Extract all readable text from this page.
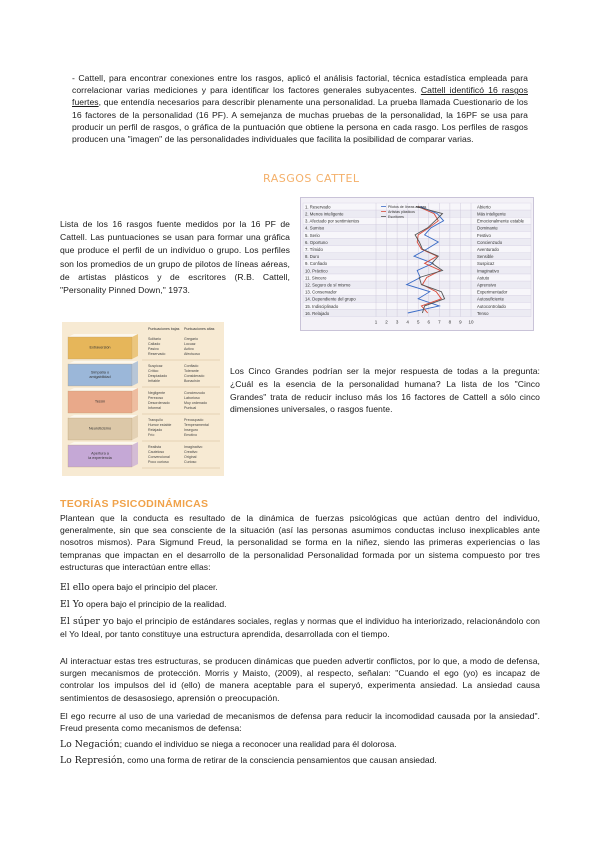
- Cattell, para encontrar conexiones entre los rasgos, aplicó el análisis factorial, técnica estadística empleada para correlacionar varias mediciones y para identificar los factores generales subyacentes. Cattell identificó 16 rasgos fuertes, que entendía necesarios para describir plenamente una personalidad. La prueba llamada Cuestionario de los 16 factores de la personalidad (16 PF). A semejanza de muchas pruebas de la personalidad, la 16PF se usa para producir un perfil de rasgos, o gráfica de la puntuación que obtiene la persona en cada rasgo. Los perfiles de rasgos producen una "imagen" de las personalidades individuales que facilita la posibilidad de comparar varias.
RASGOS CATTEL
Lista de los 16 rasgos fuente medidos por la 16 PF de Cattell. Las puntuaciones se usan para formar una gráfica que produce el perfil de un individuo o grupo. Los perfiles son los promedios de un grupo de pilotos de líneas aéreas, de artistas plásticos y de escritores (R.B. Cattell, "Personality Pinned Down," 1973.
1. Reservado
2. Menos inteligente
3. Afectado por sentimientos
4. Sumiso
5. Serio
6. Oportuno
7. Tímido
8. Duro
9. Confiado
10. Práctico
11. Sincero
12. Seguro de sí mismo
13. Conservador
14. Dependiente del grupo
15. Indisciplinado
16. Relajado
Abierto
Más inteligente
Emocionalmente estable
Dominante
Festivo
Concienzudo
Aventurado
Sensible
Suspicaz
Imaginativo
Astuto
Aprensivo
Experimentador
Autosuficiente
Autocontrolado
Tenso
1 2 3 4 5 6 7 8 9 10
Pilotos de líneas aéreas
Artistas plásticos
Escritores
Puntuaciones bajas Puntuaciones altas
Extraversión
Solitario
Callado
Pasivo
Reservado
Gregario
Locuaz
Activo
Afectuoso
Simpatía o
amigabilidad
Suspicaz
Crítico
Despiadado
Irritable
Confiado
Tolerante
Considerado
Bonachón
Tesón
Negligente
Perezoso
Desordenado
Informal
Concienzudo
Laborioso
Muy ordenado
Puntual
Neuroticismo
Tranquilo
Humor estable
Relajado
Frío
Preocupado
Temperamental
Inseguro
Emotivo
Apertura a
la experiencia
Realista
Cauteloso
Convencional
Poco curioso
Imaginativo
Creativo
Original
Curioso
Los Cinco Grandes podrían ser la mejor respuesta de todas a la pregunta: ¿Cuál es la esencia de la personalidad humana? La lista de los "Cinco Grandes" trata de reducir incluso más los 16 factores de Cattell a sólo cinco dimensiones universales, o rasgos fuente.
TEORÍAS PSICODINÁMICAS
Plantean que la conducta es resultado de la dinámica de fuerzas psicológicas que actúan dentro del individuo, generalmente, sin que sea consciente de la situación (así las personas asumimos conductas incluso inexplicables ante nosotros mismos). Para Sigmund Freud, la personalidad se forma en la niñez, siendo las primeras experiencias o las tempranas que impactan en el desarrollo de la personalidad Personalidad formada por un sistema compuesto por tres estructuras que interactúan entre ellas:
El ello opera bajo el principio del placer.
El Yo opera bajo el principio de la realidad.
El súper yo bajo el principio de estándares sociales, reglas y normas que el individuo ha interiorizado, relacionándolo con el Yo Ideal, por tanto constituye una estructura aprendida, desarrollada con el tiempo.
Al interactuar estas tres estructuras, se producen dinámicas que pueden advertir conflictos, por lo que, a modo de defensa, surgen mecanismos de protección. Morris y Maisto, (2009), al respecto, señalan: "Cuando el ego (yo) es incapaz de controlar los impulsos del id (ello) de manera aceptable para el superyó, experimenta ansiedad. La ansiedad causa sentimientos de desasosiego, aprensión o preocupación.
El ego recurre al uso de una variedad de mecanismos de defensa para reducir la incomodidad causada por la ansiedad". Freud presenta como mecanismos de defensa:
Lo Negación; cuando el individuo se niega a reconocer una realidad para él dolorosa.
Lo Represión, como una forma de retirar de la consciencia pensamientos que causan ansiedad.
